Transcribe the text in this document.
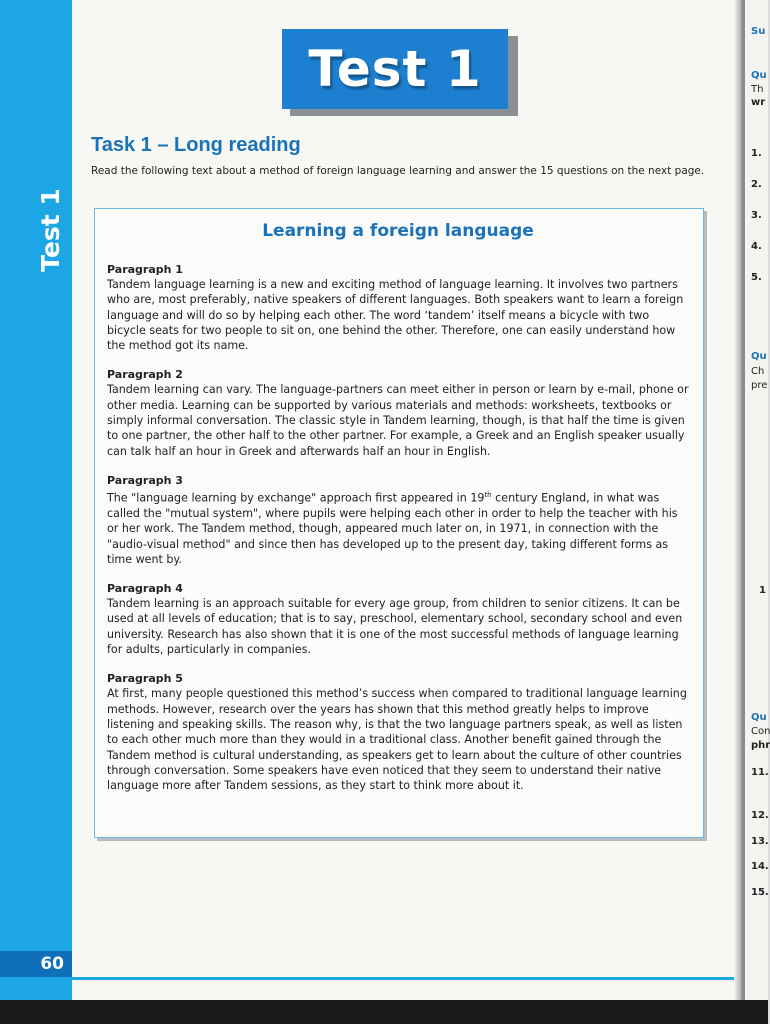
Test 1
60
Test 1
Task 1 – Long reading
Read the following text about a method of foreign language learning and answer the 15 questions on the next page.
Learning a foreign language
Paragraph 1
Tandem language learning is a new and exciting method of language learning. It involves two partners who are, most preferably, native speakers of different languages. Both speakers want to learn a foreign language and will do so by helping each other. The word ‘tandem’ itself means a bicycle with two bicycle seats for two people to sit on, one behind the other. Therefore, one can easily understand how the method got its name.
Paragraph 2
Tandem learning can vary. The language-partners can meet either in person or learn by e-mail, phone or other media. Learning can be supported by various materials and methods: worksheets, textbooks or simply informal conversation. The classic style in Tandem learning, though, is that half the time is given to one partner, the other half to the other partner. For example, a Greek and an English speaker usually can talk half an hour in Greek and afterwards half an hour in English.
Paragraph 3
The "language learning by exchange" approach first appeared in 19th century England, in what was called the "mutual system", where pupils were helping each other in order to help the teacher with his or her work. The Tandem method, though, appeared much later on, in 1971, in connection with the "audio-visual method" and since then has developed up to the present day, taking different forms as time went by.
Paragraph 4
Tandem learning is an approach suitable for every age group, from children to senior citizens. It can be used at all levels of education; that is to say, preschool, elementary school, secondary school and even university. Research has also shown that it is one of the most successful methods of language learning for adults, particularly in companies.
Paragraph 5
At first, many people questioned this method’s success when compared to traditional language learning methods. However, research over the years has shown that this method greatly helps to improve listening and speaking skills. The reason why, is that the two language partners speak, as well as listen to each other much more than they would in a traditional class. Another benefit gained through the Tandem method is cultural understanding, as speakers get to learn about the culture of other countries through conversation. Some speakers have even noticed that they seem to understand their native language more after Tandem sessions, as they start to think more about it.
Su
Qu
Th
wr
1.
2.
3.
4.
5.
Qu
Ch
pre
1
Qu
Con
phr
11.
12.
13.
14.
15.
